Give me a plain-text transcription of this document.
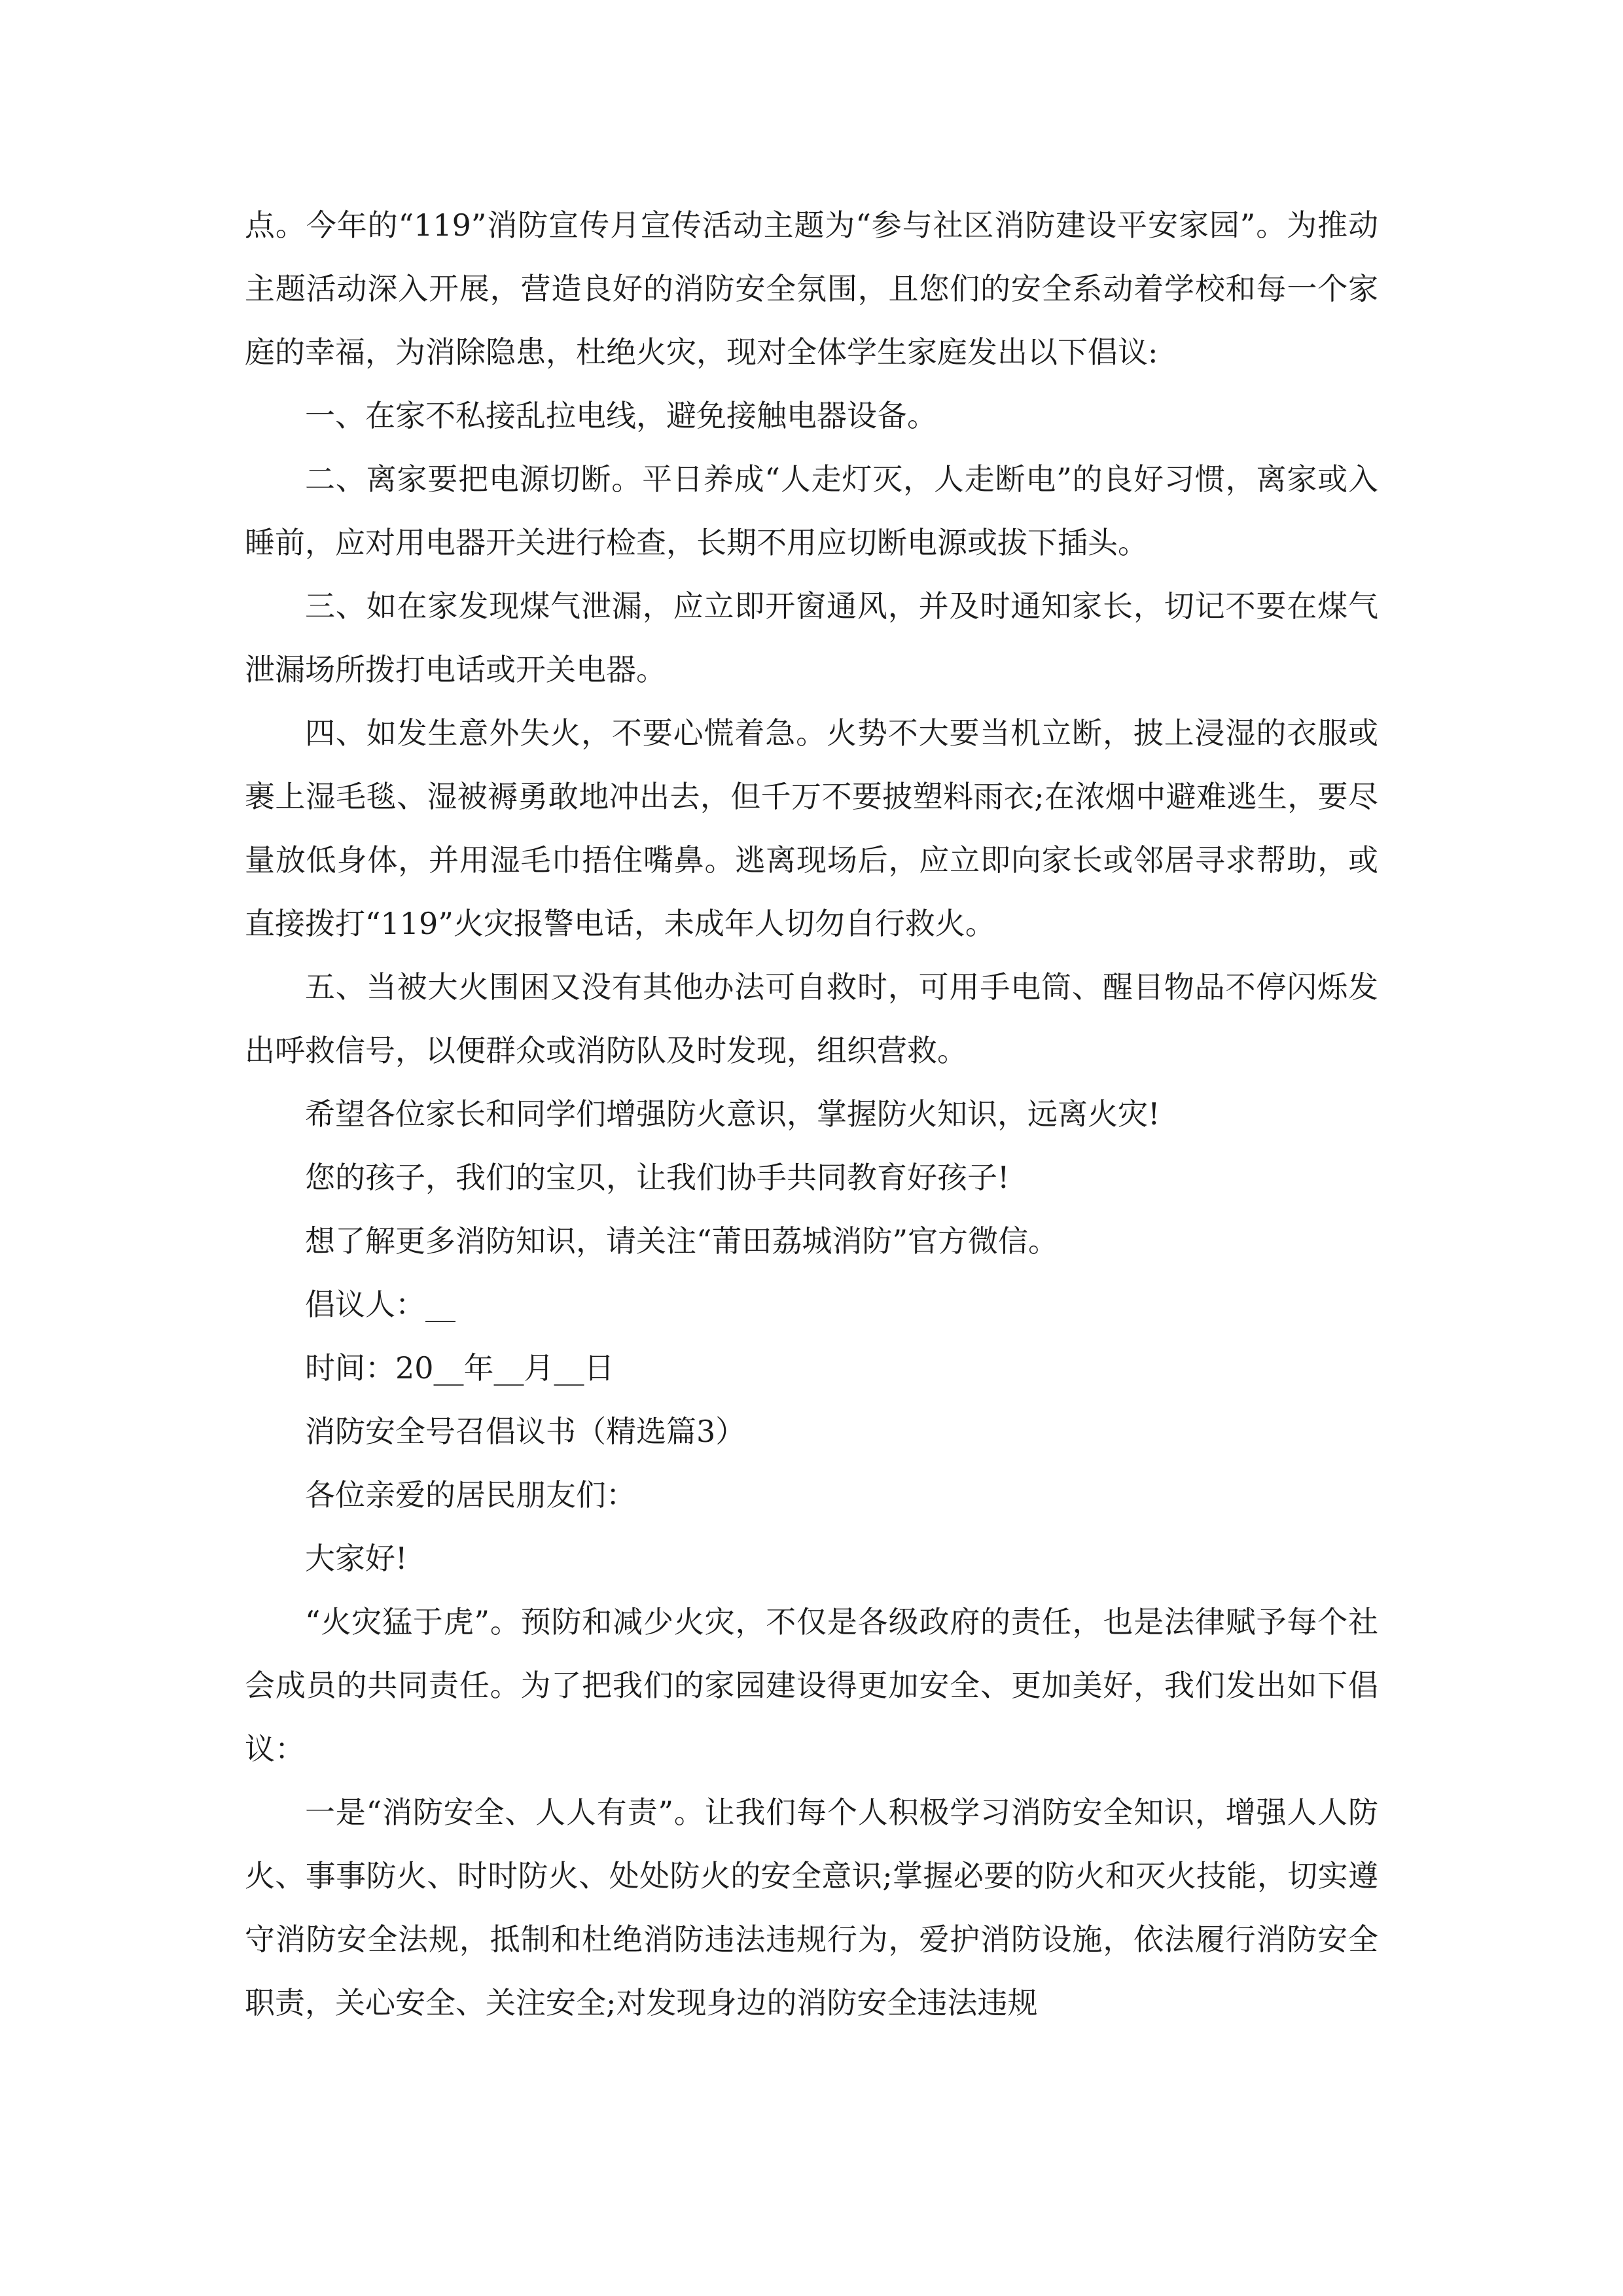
点。今年的“119”消防宣传月宣传活动主题为“参与社区消防建设平安家园”。为推动主题活动深入开展，营造良好的消防安全氛围，且您们的安全系动着学校和每一个家庭的幸福，为消除隐患，杜绝火灾，现对全体学生家庭发出以下倡议:

一、在家不私接乱拉电线，避免接触电器设备。

二、离家要把电源切断。平日养成“人走灯灭，人走断电”的良好习惯，离家或入睡前，应对用电器开关进行检查，长期不用应切断电源或拔下插头。

三、如在家发现煤气泄漏，应立即开窗通风，并及时通知家长，切记不要在煤气泄漏场所拨打电话或开关电器。

四、如发生意外失火，不要心慌着急。火势不大要当机立断，披上浸湿的衣服或裹上湿毛毯、湿被褥勇敢地冲出去，但千万不要披塑料雨衣;在浓烟中避难逃生，要尽量放低身体，并用湿毛巾捂住嘴鼻。逃离现场后，应立即向家长或邻居寻求帮助，或直接拨打“119”火灾报警电话，未成年人切勿自行救火。

五、当被大火围困又没有其他办法可自救时，可用手电筒、醒目物品不停闪烁发出呼救信号，以便群众或消防队及时发现，组织营救。

希望各位家长和同学们增强防火意识，掌握防火知识，远离火灾!

您的孩子，我们的宝贝，让我们协手共同教育好孩子!

想了解更多消防知识，请关注“莆田荔城消防”官方微信。

倡议人：__

时间：20__年__月__日

消防安全号召倡议书（精选篇3）

各位亲爱的居民朋友们：

大家好!

“火灾猛于虎”。预防和减少火灾，不仅是各级政府的责任，也是法律赋予每个社会成员的共同责任。为了把我们的家园建设得更加安全、更加美好，我们发出如下倡议：

一是“消防安全、人人有责”。让我们每个人积极学习消防安全知识，增强人人防火、事事防火、时时防火、处处防火的安全意识;掌握必要的防火和灭火技能，切实遵守消防安全法规，抵制和杜绝消防违法违规行为，爱护消防设施，依法履行消防安全职责，关心安全、关注安全;对发现身边的消防安全违法违规
